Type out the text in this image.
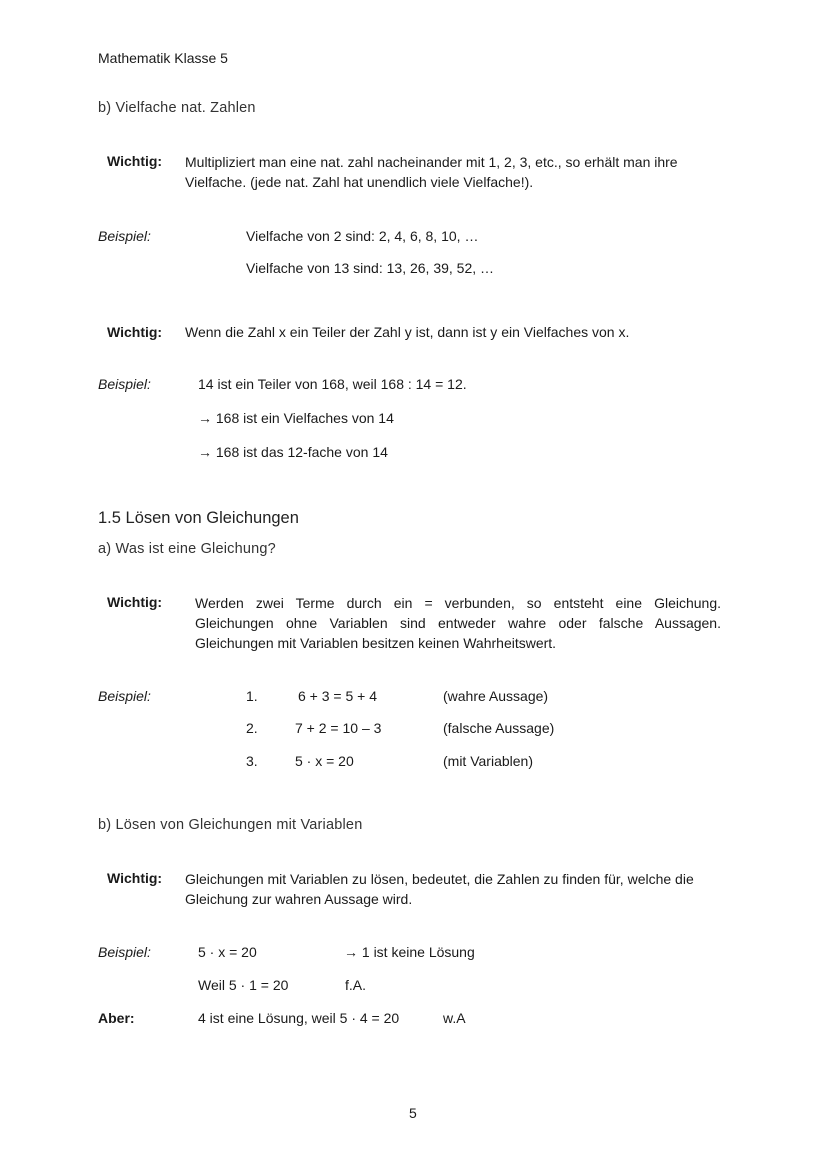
Mathematik Klasse 5
b) Vielfache nat. Zahlen
Wichtig: Multipliziert man eine nat. zahl nacheinander mit 1, 2, 3, etc., so erhält man ihre Vielfache. (jede nat. Zahl hat unendlich viele Vielfache!).
Beispiel:	Vielfache von 2 sind: 2, 4, 6, 8, 10, …
Vielfache von 13 sind: 13, 26, 39, 52, …
Wichtig: Wenn die Zahl x ein Teiler der Zahl y ist, dann ist y ein Vielfaches von x.
Beispiel:	14 ist ein Teiler von 168, weil 168 : 14 = 12.
→ 168 ist ein Vielfaches von 14
→ 168 ist das 12-fache von 14
1.5 Lösen von Gleichungen
a) Was ist eine Gleichung?
Wichtig: Werden zwei Terme durch ein = verbunden, so entsteht eine Gleichung. Gleichungen ohne Variablen sind entweder wahre oder falsche Aussagen. Gleichungen mit Variablen besitzen keinen Wahrheitswert.
Beispiel:	1.	6 + 3 = 5 + 4	(wahre Aussage)
2.	7 + 2 = 10 – 3	(falsche Aussage)
3.	5 · x = 20	(mit Variablen)
b) Lösen von Gleichungen mit Variablen
Wichtig: Gleichungen mit Variablen zu lösen, bedeutet, die Zahlen zu finden für, welche die Gleichung zur wahren Aussage wird.
Beispiel:	5 · x = 20	→ 1 ist keine Lösung
Weil 5 · 1 = 20	f.A.
Aber:	4 ist eine Lösung, weil 5 · 4 = 20	w.A
5
